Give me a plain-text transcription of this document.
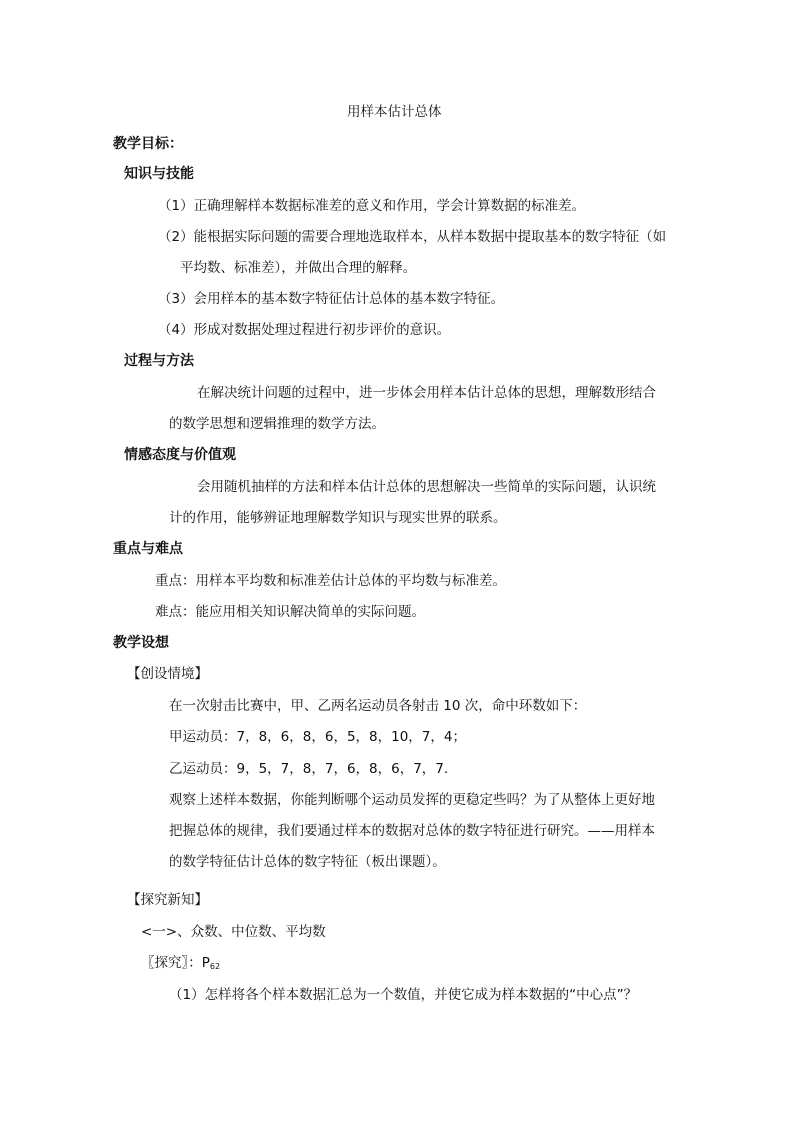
用样本估计总体
教学目标：
知识与技能
（1）正确理解样本数据标准差的意义和作用，学会计算数据的标准差。
（2）能根据实际问题的需要合理地选取样本，从样本数据中提取基本的数字特征（如
平均数、标准差），并做出合理的解释。
（3）会用样本的基本数字特征估计总体的基本数字特征。
（4）形成对数据处理过程进行初步评价的意识。
过程与方法
在解决统计问题的过程中，进一步体会用样本估计总体的思想，理解数形结合
的数学思想和逻辑推理的数学方法。
情感态度与价值观
会用随机抽样的方法和样本估计总体的思想解决一些简单的实际问题，认识统
计的作用，能够辨证地理解数学知识与现实世界的联系。
重点与难点
重点：用样本平均数和标准差估计总体的平均数与标准差。
难点：能应用相关知识解决简单的实际问题。
教学设想
【创设情境】
在一次射击比赛中，甲、乙两名运动员各射击 10 次，命中环数如下：
甲运动员：7，8，6，8，6，5，8，10，7，4；
乙运动员：9，5，7，8，7，6，8，6，7，7.
观察上述样本数据，你能判断哪个运动员发挥的更稳定些吗？为了从整体上更好地
把握总体的规律，我们要通过样本的数据对总体的数字特征进行研究。——用样本
的数学特征估计总体的数字特征（板出课题）。
【探究新知】
<一>、众数、中位数、平均数
〖探究〗：$P_{62}$
（1）怎样将各个样本数据汇总为一个数值，并使它成为样本数据的“中心点”？
